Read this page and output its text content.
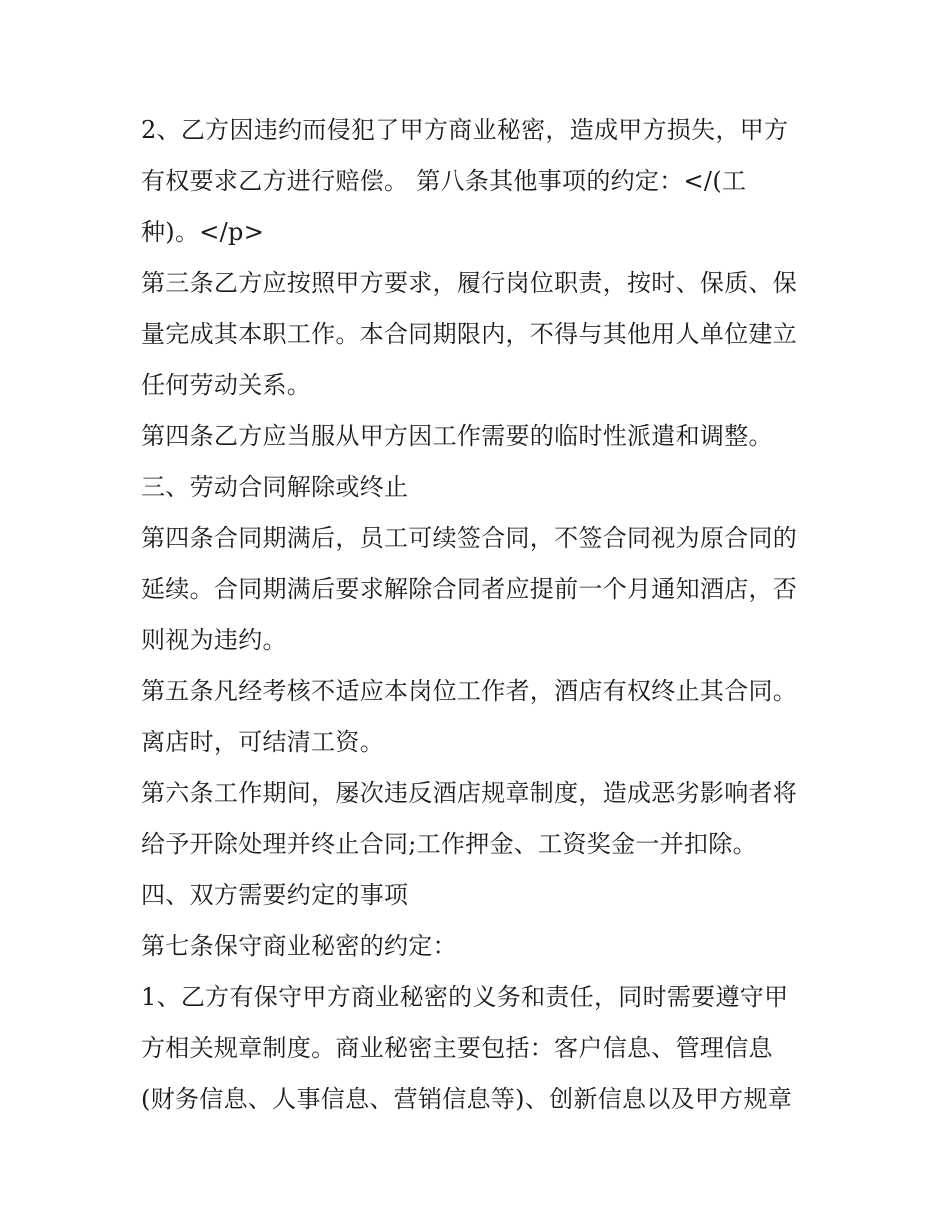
2、乙方因违约而侵犯了甲方商业秘密，造成甲方损失，甲方
有权要求乙方进行赔偿。 第八条其他事项的约定：</(工
种)。</p>
第三条乙方应按照甲方要求，履行岗位职责，按时、保质、保
量完成其本职工作。本合同期限内，不得与其他用人单位建立
任何劳动关系。
第四条乙方应当服从甲方因工作需要的临时性派遣和调整。
三、劳动合同解除或终止
第四条合同期满后，员工可续签合同，不签合同视为原合同的
延续。合同期满后要求解除合同者应提前一个月通知酒店，否
则视为违约。
第五条凡经考核不适应本岗位工作者，酒店有权终止其合同。
离店时，可结清工资。
第六条工作期间，屡次违反酒店规章制度，造成恶劣影响者将
给予开除处理并终止合同;工作押金、工资奖金一并扣除。
四、双方需要约定的事项
第七条保守商业秘密的约定：
1、乙方有保守甲方商业秘密的义务和责任，同时需要遵守甲
方相关规章制度。商业秘密主要包括：客户信息、管理信息
(财务信息、人事信息、营销信息等)、创新信息以及甲方规章
